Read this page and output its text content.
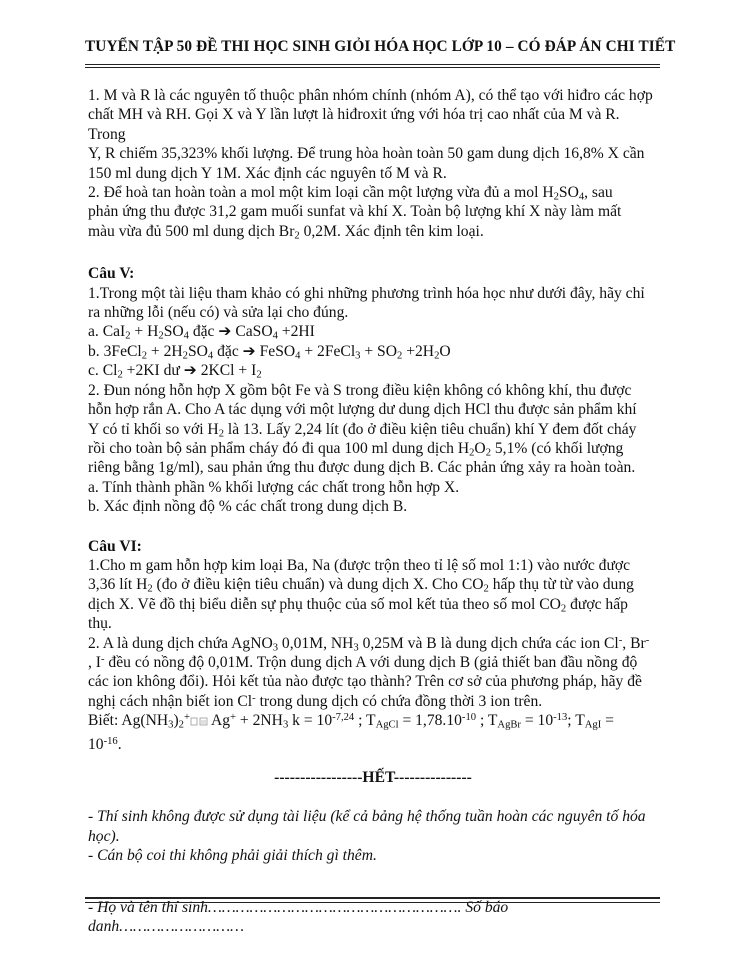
TUYỂN TẬP 50 ĐỀ THI HỌC SINH GIỎI HÓA HỌC LỚP 10 – CÓ ĐÁP ÁN CHI TIẾT

1. M và R là các nguyên tố thuộc phân nhóm chính (nhóm A), có thể tạo với hiđro các hợp

chất MH và RH. Gọi X và Y lần lượt là hiđroxit ứng với hóa trị cao nhất của M và R. Trong

Y, R chiếm 35,323% khối lượng. Để trung hòa hoàn toàn 50 gam dung dịch 16,8% X cần

150 ml dung dịch Y 1M. Xác định các nguyên tố M và R.

2. Để hoà tan hoàn toàn a mol một kim loại cần một lượng vừa đủ a mol $H_2SO_4$, sau

phản ứng thu được 31,2 gam muối sunfat và khí X. Toàn bộ lượng khí X này làm mất

màu vừa đủ 500 ml dung dịch $Br_2$ 0,2M. Xác định tên kim loại.

Câu V:

1.Trong một tài liệu tham khảo có ghi những phương trình hóa học như dưới đây, hãy chỉ

ra những lỗi (nếu có) và sửa lại cho đúng.

a. $CaI_2 + H_2SO_4$ đặc ➔ CaSO$_4$ +2HI

b. 3FeCl$_2$ + $2H_2SO_4$ đặc ➔ FeSO$_4$ + 2FeCl$_3$ + $SO_2 +2H_2O$

c. $Cl_2 +2KI$ dư ➔ $2KCl + I_2$

2. Đun nóng hỗn hợp X gồm bột Fe và S trong điều kiện không có không khí, thu được

hỗn hợp rắn A. Cho A tác dụng với một lượng dư dung dịch HCl thu được sản phẩm khí

Y có tỉ khối so với $H_2$ là 13. Lấy 2,24 lít (đo ở điều kiện tiêu chuẩn) khí Y đem đốt cháy

rồi cho toàn bộ sản phẩm cháy đó đi qua 100 ml dung dịch $H_2O_2$ 5,1% (có khối lượng

riêng bằng 1g/ml), sau phản ứng thu được dung dịch B. Các phản ứng xảy ra hoàn toàn.

a. Tính thành phần % khối lượng các chất trong hỗn hợp X.

b. Xác định nồng độ % các chất trong dung dịch B.

Câu VI:

1.Cho m gam hỗn hợp kim loại Ba, Na (được trộn theo tỉ lệ số mol 1:1) vào nước được

3,36 lít $H_2$ (đo ở điều kiện tiêu chuẩn) và dung dịch X. Cho $CO_2$ hấp thụ từ từ vào dung

dịch X. Vẽ đồ thị biểu diễn sự phụ thuộc của số mol kết tủa theo số mol $CO_2$ được hấp

thụ.

2. A là dung dịch chứa AgNO$_3$ 0,01M, $NH_3$ 0,25M và B là dung dịch chứa các ion Cl-, Br-

, I- đều có nồng độ 0,01M. Trộn dung dịch A với dung dịch B (giả thiết ban đầu nồng độ

các ion không đổi). Hỏi kết tủa nào được tạo thành? Trên cơ sở của phương pháp, hãy đề

nghị cách nhận biết ion Cl- trong dung dịch có chứa đồng thời 3 ion trên.

Biết: $Ag(NH_3)_2^+$ $Ag^+ + 2NH_3$ $k = 10^{-7,24}$ ; $T_{AgCl} = 1,78.10^{-10}$ ; $T_{AgBr} = 10^{-13}$; $T_{AgI}$ =

$10^{-16}$.

-----------------HẾT---------------

- Thí sinh không được sử dụng tài liệu (kể cả bảng hệ thống tuần hoàn các nguyên tố hóa

học).

- Cán bộ coi thi không phải giải thích gì thêm.

- Họ và tên thí sinh………………………………………………. Số báo

danh………………………
